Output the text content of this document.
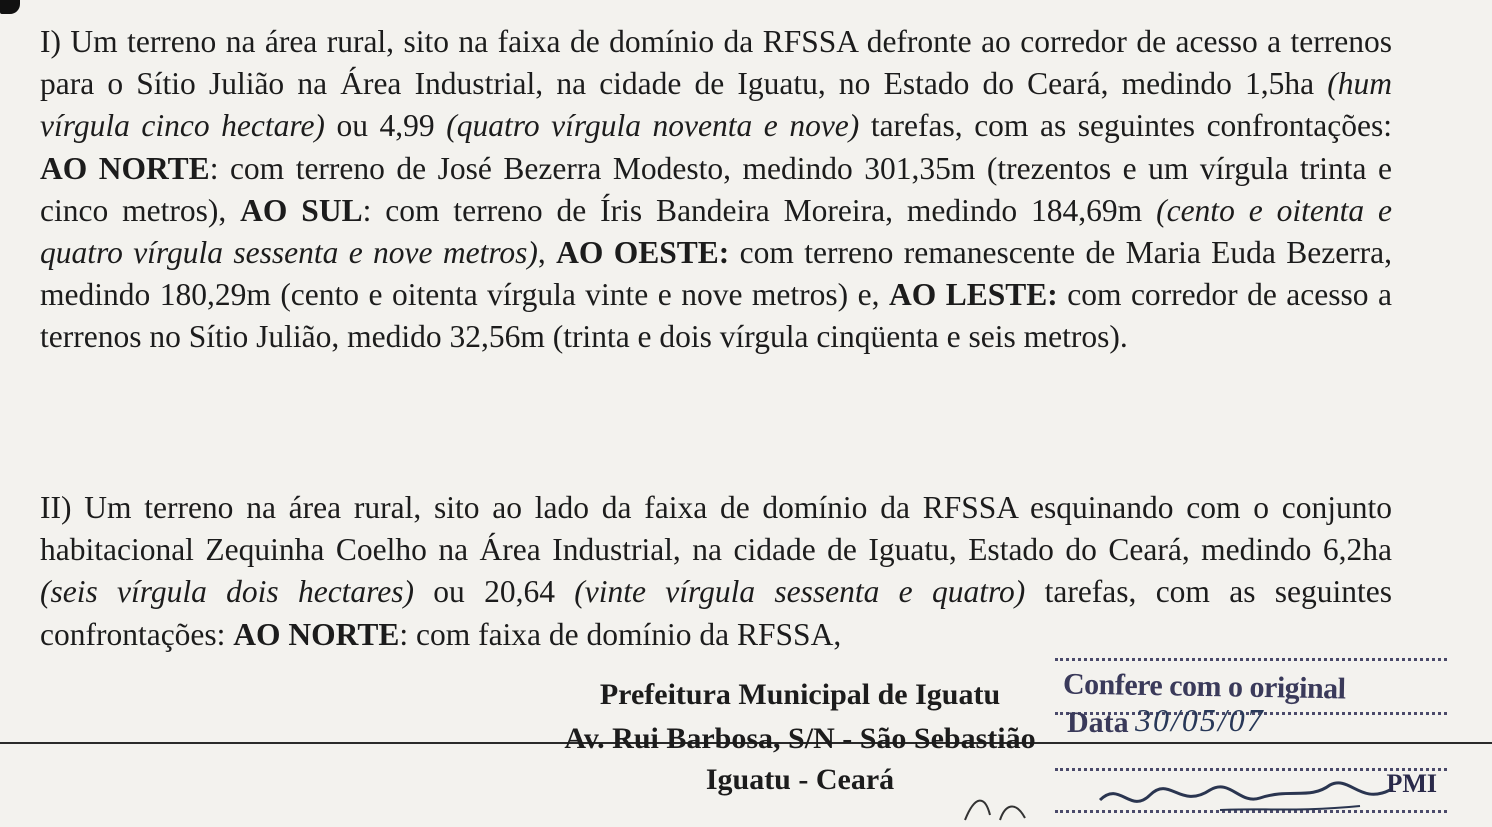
I) Um terreno na área rural, sito na faixa de domínio da RFSSA defronte ao corredor de acesso a terrenos para o Sítio Julião na Área Industrial, na cidade de Iguatu, no Estado do Ceará, medindo 1,5ha (hum vírgula cinco hectare) ou 4,99 (quatro vírgula noventa e nove) tarefas, com as seguintes confrontações: AO NORTE: com terreno de José Bezerra Modesto, medindo 301,35m (trezentos e um vírgula trinta e cinco metros), AO SUL: com terreno de Íris Bandeira Moreira, medindo 184,69m (cento e oitenta e quatro vírgula sessenta e nove metros), AO OESTE: com terreno remanescente de Maria Euda Bezerra, medindo 180,29m (cento e oitenta vírgula vinte e nove metros) e, AO LESTE: com corredor de acesso a terrenos no Sítio Julião, medido 32,56m (trinta e dois vírgula cinqüenta e seis metros).
II) Um terreno na área rural, sito ao lado da faixa de domínio da RFSSA esquinando com o conjunto habitacional Zequinha Coelho na Área Industrial, na cidade de Iguatu, Estado do Ceará, medindo 6,2ha (seis vírgula dois hectares) ou 20,64 (vinte vírgula sessenta e quatro) tarefas, com as seguintes confrontações: AO NORTE: com faixa de domínio da RFSSA,
Prefeitura Municipal de Iguatu
Av. Rui Barbosa, S/N - São Sebastião
Iguatu - Ceará
Confere com o original
Data 30/05/07
PMI
